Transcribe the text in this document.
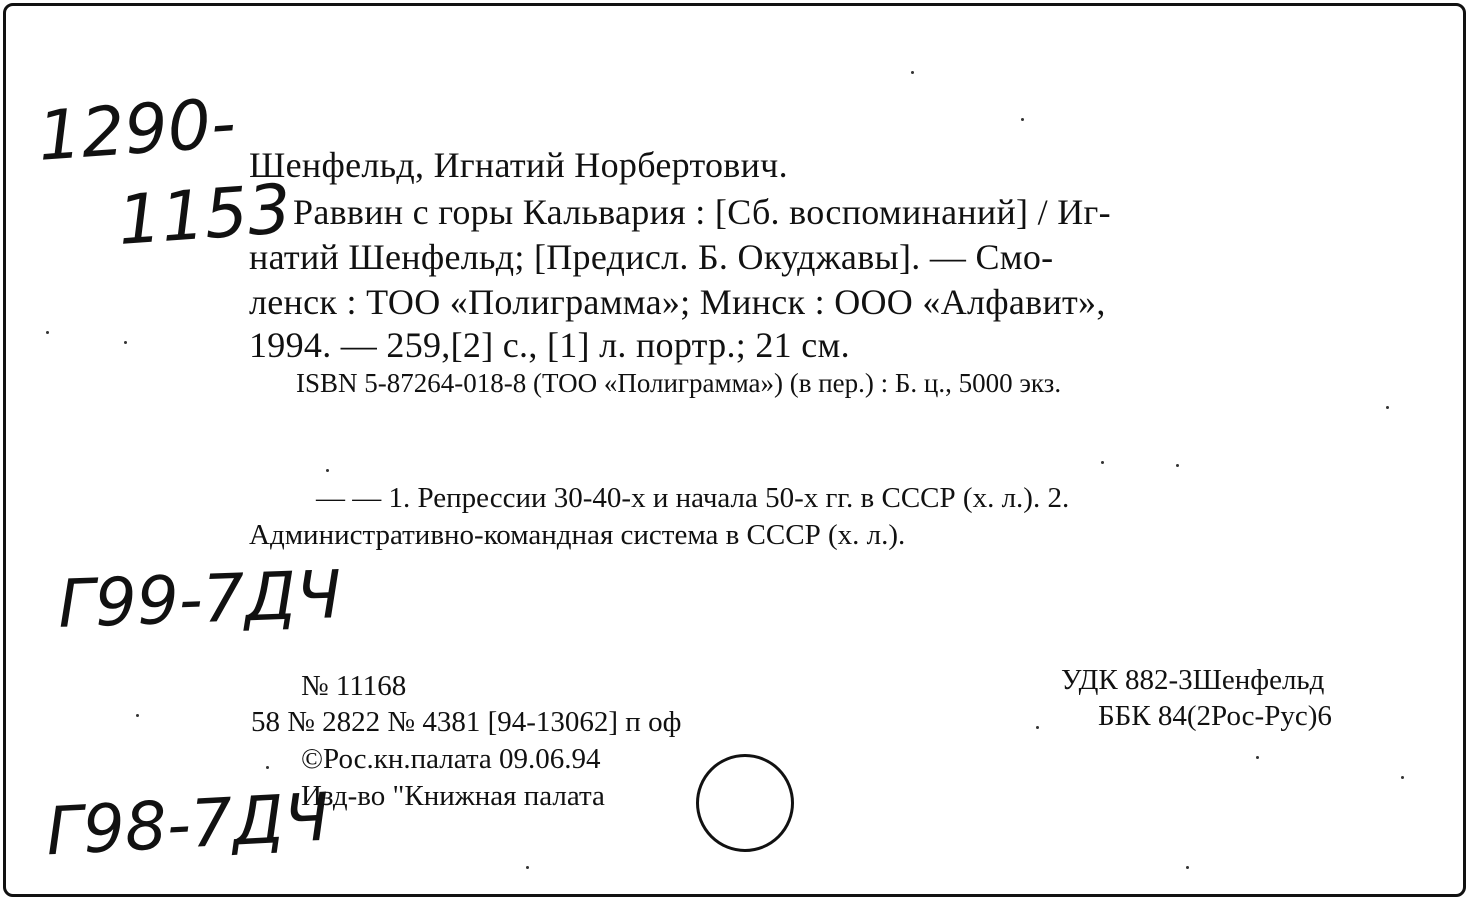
1290-
1153
Шенфельд, Игнатий Норбертович.
Раввин с горы Кальвария : [Сб. воспоминаний] / Иг-
натий Шенфельд; [Предисл. Б. Окуджавы]. — Смо-
ленск : ТОО «Полиграмма»; Минск : ООО «Алфавит»,
1994. — 259,[2] с., [1] л. портр.; 21 см.
ISBN 5-87264-018-8 (ТОО «Полиграмма») (в пер.) : Б. ц., 5000 экз.
— — 1. Репрессии 30-40-х и начала 50-х гг. в СССР (х. л.). 2.
Административно-командная система в СССР (х. л.).
Г99-7ДЧ
Г98-7ДЧ
№ 11168
58 № 2822 № 4381 [94-13062] п оф
©Рос.кн.палата 09.06.94
Изд-во "Книжная палата
УДК 882-3Шенфельд
ББК 84(2Рос-Рус)6
